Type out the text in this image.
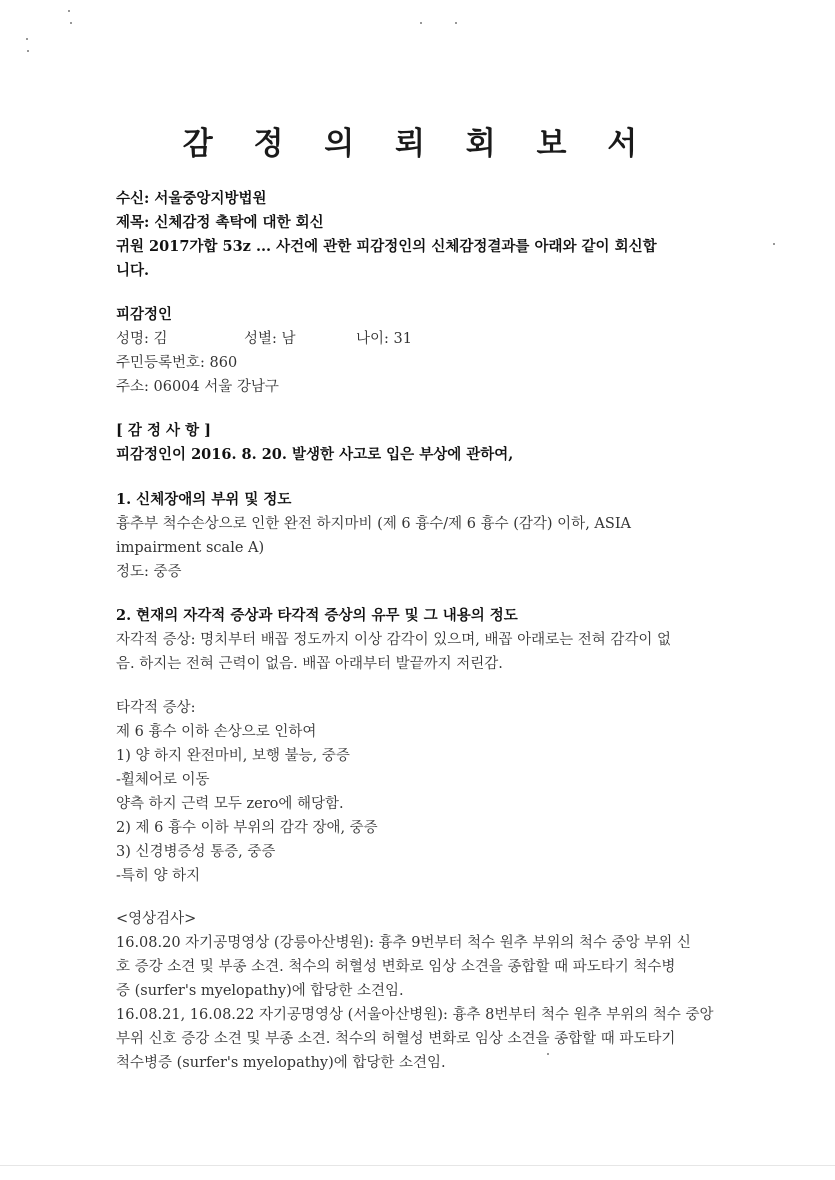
감 정 의 뢰 회 보 서
수신: 서울중앙지방법원
제목: 신체감정 촉탁에 대한 회신
귀원 2017가합 53z ... 사건에 관한 피감정인의 신체감정결과를 아래와 같이 회신합
니다.
피감정인
성명: 김	성별: 남	나이: 31
주민등록번호: 860
주소: 06004 서울 강남구
[ 감 정 사 항 ]
피감정인이 2016. 8. 20. 발생한 사고로 입은 부상에 관하여,
1. 신체장애의 부위 및 정도
흉추부 척수손상으로 인한 완전 하지마비 (제 6 흉수/제 6 흉수 (감각) 이하, ASIA
impairment scale A)
정도: 중증
2. 현재의 자각적 증상과 타각적 증상의 유무 및 그 내용의 정도
자각적 증상: 명치부터 배꼽 정도까지 이상 감각이 있으며, 배꼽 아래로는 전혀 감각이 없
음. 하지는 전혀 근력이 없음. 배꼽 아래부터 발끝까지 저린감.
타각적 증상:
제 6 흉수 이하 손상으로 인하여
1) 양 하지 완전마비, 보행 불능, 중증
-휠체어로 이동
양측 하지 근력 모두 zero에 해당함.
2) 제 6 흉수 이하 부위의 감각 장애, 중증
3) 신경병증성 통증, 중증
-특히 양 하지
<영상검사>
16.08.20 자기공명영상 (강릉아산병원): 흉추 9번부터 척수 원추 부위의 척수 중앙 부위 신
호 증강 소견 및 부종 소견. 척수의 허혈성 변화로 임상 소견을 종합할 때 파도타기 척수병
증 (surfer's myelopathy)에 합당한 소견임.
16.08.21, 16.08.22 자기공명영상 (서울아산병원): 흉추 8번부터 척수 원추 부위의 척수 중앙
부위 신호 증강 소견 및 부종 소견. 척수의 허혈성 변화로 임상 소견을 종합할 때 파도타기
척수병증 (surfer's myelopathy)에 합당한 소견임.
